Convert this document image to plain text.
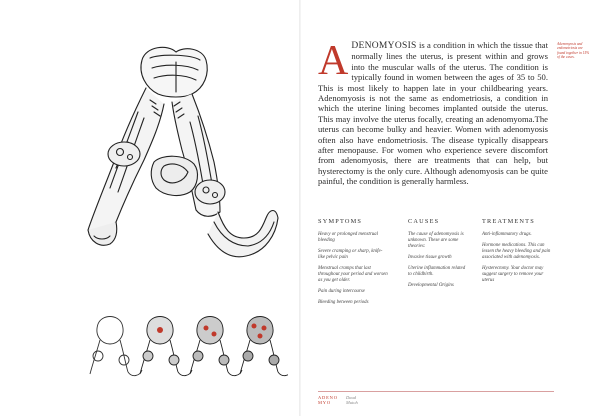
ADENOMYOSIS is a condition in which the tissue that normally lines the uterus, is present within and grows into the muscular walls of the uterus. The condition is typically found in women between the ages of 35 to 50. This is most likely to happen late in your childbearing years. Adenomyosis is not the same as endometriosis, a condition in which the uterine lining becomes implanted outside the uterus. This may involve the uterus focally, creating an adenomyoma.The uterus can become bulky and heavier. Women with adenomyosis often also have endometriosis. The disease typically disappears after menopause. For women who experience severe discomfort from adenomyosis, there are treatments that can help, but hysterectomy is the only cure. Although adenomyosis can be quite painful, the condition is generally harmless.

Adenomyosis and endometriosis are found together in 15% of the cases.
SYMPTOMS

Heavy or prolonged menstrual bleeding

Severe cramping or sharp, knife-like pelvic pain

Menstrual cramps that last throughout your period and worsen as you get older.

Pain during intercourse

Bleeding between periods

CAUSES

The cause of adenomyosis is unknown. These are some theories:

Invasive tissue growth

Uterine inflammation related to childbirth.

Developmental Origins

TREATMENTS

Anti-inflammatory drugs.

Hormone medications. This can lessen the heavy bleeding and pain associated with adenomyosis.

Hysterectomy. Your doctor may suggest surgery to remove your uterus

ADENO
MYO
Daud
Mutoh
